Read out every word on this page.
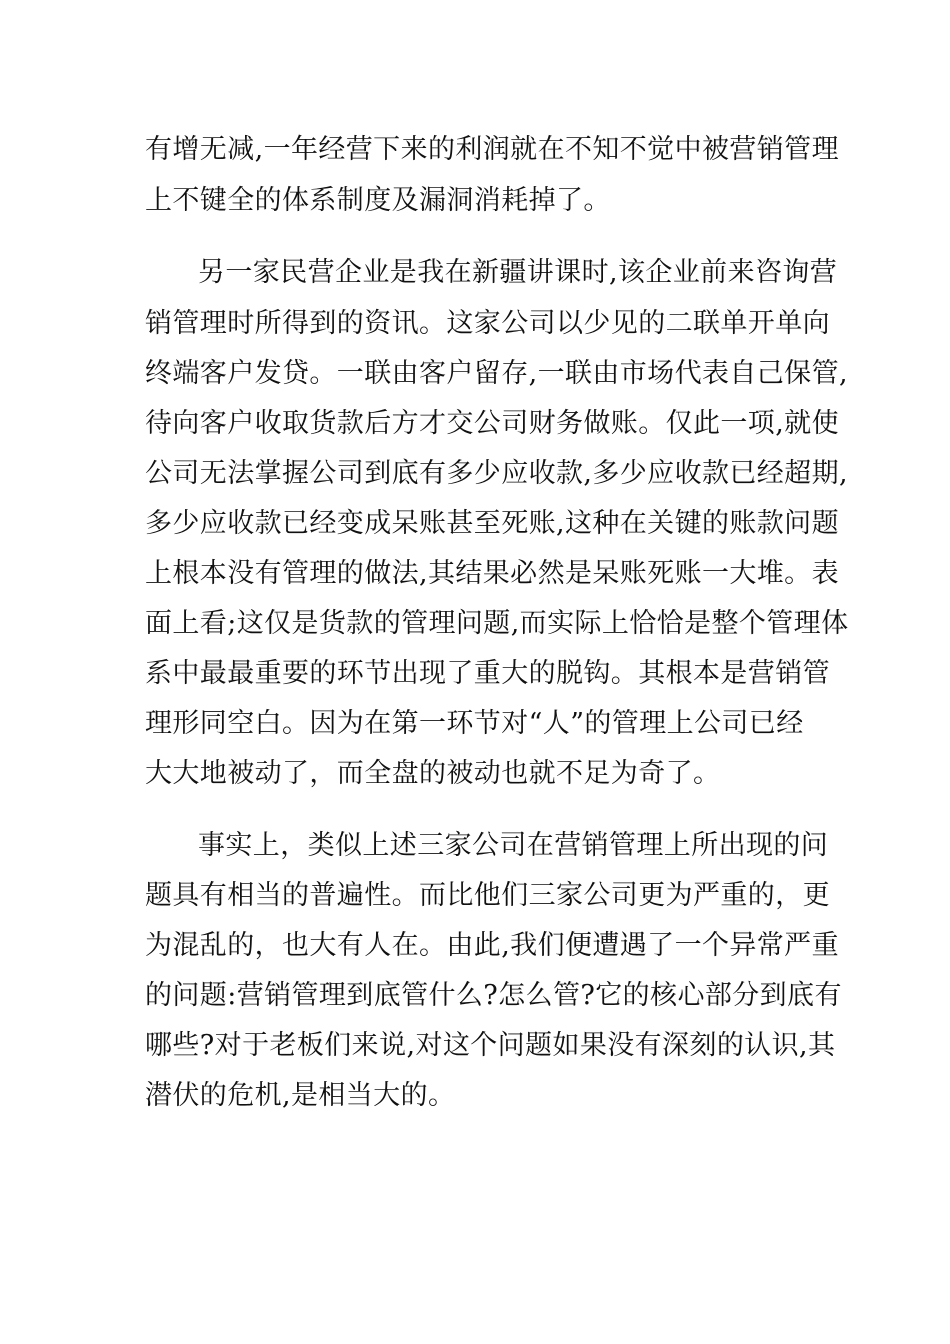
有增无减,一年经营下来的利润就在不知不觉中被营销管理

上不键全的体系制度及漏洞消耗掉了。

另一家民营企业是我在新疆讲课时,该企业前来咨询营

销管理时所得到的资讯。这家公司以少见的二联单开单向

终端客户发贷。一联由客户留存,一联由市场代表自己保管,

待向客户收取货款后方才交公司财务做账。仅此一项,就使

公司无法掌握公司到底有多少应收款,多少应收款已经超期,

多少应收款已经变成呆账甚至死账,这种在关键的账款问题

上根本没有管理的做法,其结果必然是呆账死账一大堆。表

面上看;这仅是货款的管理问题,而实际上恰恰是整个管理体

系中最最重要的环节出现了重大的脱钩。其根本是营销管

理形同空白。因为在第一环节对“人”的管理上公司已经

大大地被动了，而全盘的被动也就不足为奇了。

事实上，类似上述三家公司在营销管理上所出现的问

题具有相当的普遍性。而比他们三家公司更为严重的，更

为混乱的，也大有人在。由此,我们便遭遇了一个异常严重

的问题:营销管理到底管什么?怎么管?它的核心部分到底有

哪些?对于老板们来说,对这个问题如果没有深刻的认识,其

潜伏的危机,是相当大的。
